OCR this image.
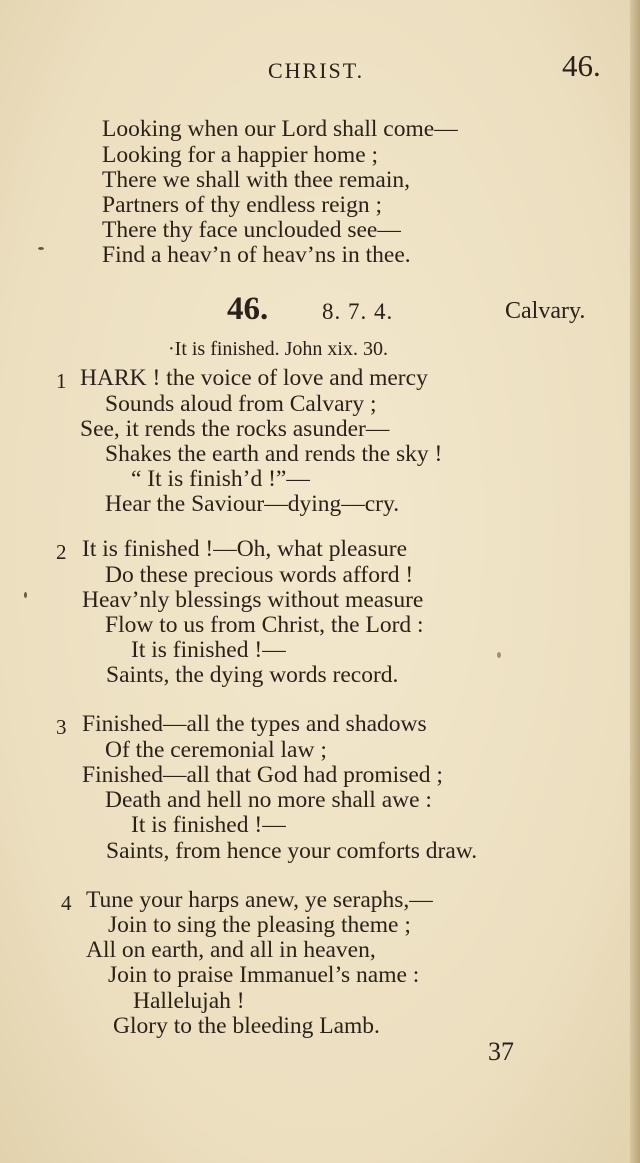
CHRIST.	46.
Looking when our Lord shall come—
Looking for a happier home ;
There we shall with thee remain,
Partners of thy endless reign ;
There thy face unclouded see—
Find a heav’n of heav’ns in thee.
46. 8. 7. 4.	Calvary.
·It is finished. John xix. 30.
1 HARK ! the voice of love and mercy
Sounds aloud from Calvary ;
See, it rends the rocks asunder—
Shakes the earth and rends the sky !
“ It is finish’d !”—
Hear the Saviour—dying—cry.
2 It is finished !—Oh, what pleasure
Do these precious words afford !
Heav’nly blessings without measure
Flow to us from Christ, the Lord :
It is finished !—
Saints, the dying words record.
3 Finished—all the types and shadows
Of the ceremonial law ;
Finished—all that God had promised ;
Death and hell no more shall awe :
It is finished !—
Saints, from hence your comforts draw.
4 Tune your harps anew, ye seraphs,—
Join to sing the pleasing theme ;
All on earth, and all in heaven,
Join to praise Immanuel’s name :
Hallelujah !
Glory to the bleeding Lamb.
37
